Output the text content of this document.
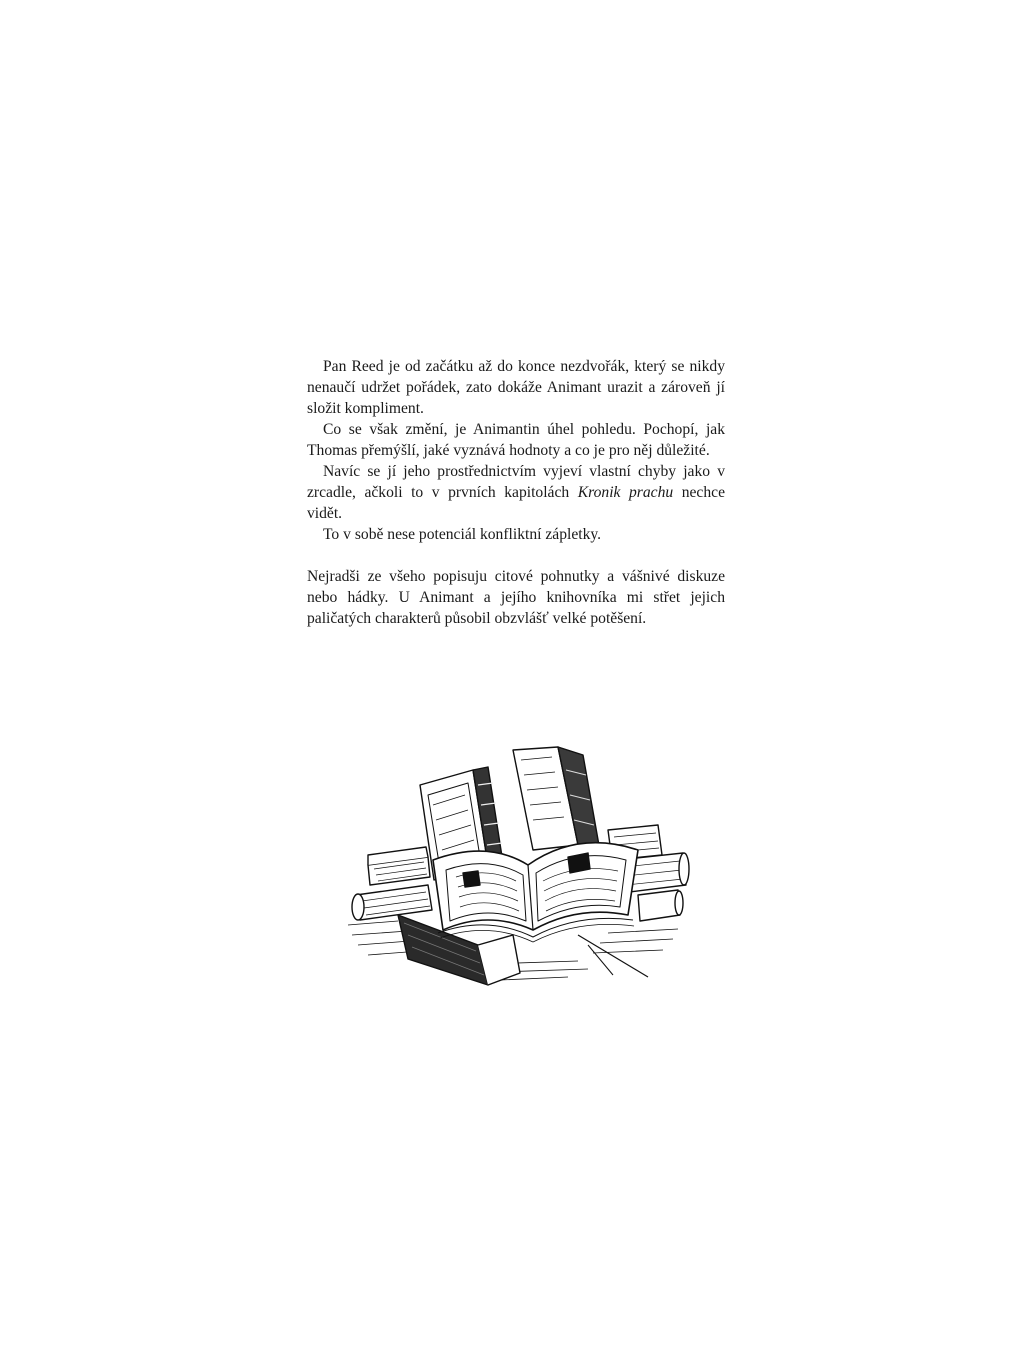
Pan Reed je od začátku až do konce nezdvořák, který se nikdy nenaučí udržet pořádek, zato dokáže Animant urazit a zároveň jí složit kompliment.

Co se však změní, je Animantin úhel pohledu. Pochopí, jak Thomas přemýšlí, jaké vyznává hodnoty a co je pro něj důležité.

Navíc se jí jeho prostřednictvím vyjeví vlastní chyby jako v zrcadle, ačkoli to v prvních kapitolách Kronik prachu nechce vidět.

To v sobě nese potenciál konfliktní zápletky.

Nejradši ze všeho popisuju citové pohnutky a vášnivé diskuze nebo hádky. U Animant a jejího knihovníka mi střet jejich paličatých charakterů působil obzvlášť velké potěšení.
